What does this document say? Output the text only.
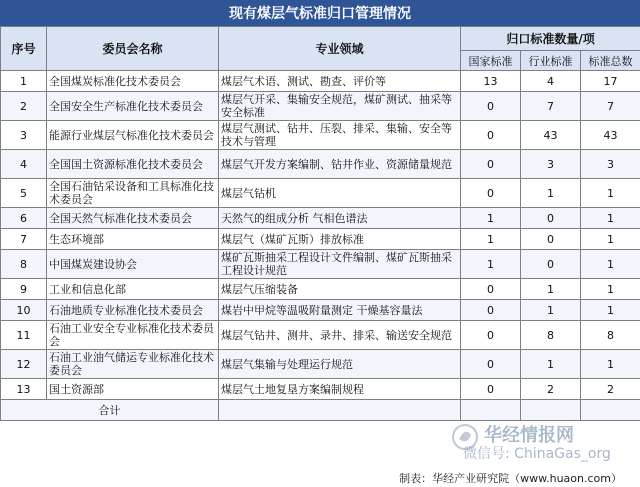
现有煤层气标准归口管理情况
序号	委员会名称	专业领域	归口标准数量/项		
			国家标准	行业标准	标准总数
1	全国煤炭标准化技术委员会	煤层气术语、测试、勘查、评价等	13	4	17
2	全国安全生产标准化技术委员会	煤层气开采、集输安全规范，煤矿测试、抽采等安全标准	0	7	7
3	能源行业煤层气标准化技术委员会	煤层气测试、钻井、压裂、排采、集输、安全等技术与管理	0	43	43
4	全国国土资源标准化技术委员会	煤层气开发方案编制、钻井作业、资源储量规范	0	3	3
5	全国石油钻采设备和工具标准化技术委员会	煤层气钻机	0	1	1
6	全国天然气标准化技术委员会	天然气的组成分析 气相色谱法	1	0	1
7	生态环境部	煤层气（煤矿瓦斯）排放标准	1	0	1
8	中国煤炭建设协会	煤矿瓦斯抽采工程设计文件编制、煤矿瓦斯抽采工程设计规范	1	0	1
9	工业和信息化部	煤层气压缩装备	0	1	1
10	石油地质专业标准化技术委员会	煤岩中甲烷等温吸附量测定 干燥基容量法	0	1	1
11	石油工业安全专业标准化技术委员会	煤层气钻井、测井、录井、排采、输送安全规范	0	8	8
12	石油工业油气储运专业标准化技术委员会	煤层气集输与处理运行规范	0	1	1
13	国土资源部	煤层气土地复垦方案编制规程	0	2	2
合计					
制表：华经产业研究院（www.huaon.com）
华经情报网
微信号: ChinaGas_org
